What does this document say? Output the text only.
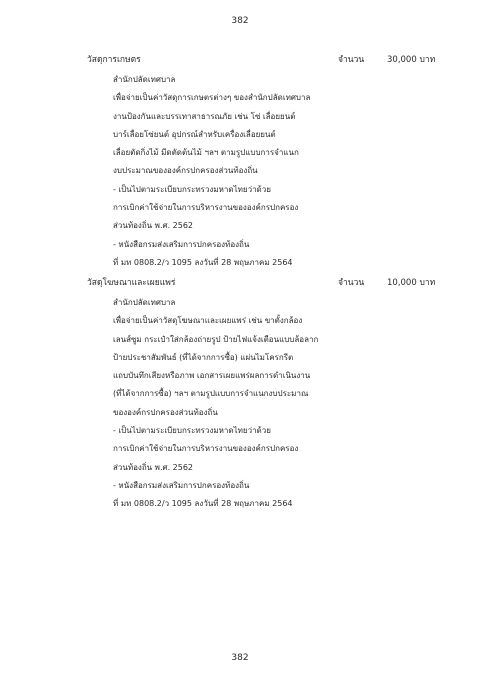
382
วัสดุการเกษตร	จำนวน	30,000 บาท
สำนักปลัดเทศบาล
เพื่อจ่ายเป็นค่าวัสดุการเกษตรต่างๆ ของสำนักปลัดเทศบาล
งานป้องกันและบรรเทาสาธารณภัย เช่น โซ่ เลื่อยยนต์
บาร์เลื่อยโซ่ยนต์ อุปกรณ์สำหรับเครื่องเลื่อยยนต์
เลื่อยตัดกิ่งไม้ มีดตัดต้นไม้ ฯลฯ ตามรูปแบบการจำแนก
งบประมาณขององค์กรปกครองส่วนท้องถิ่น
- เป็นไปตามระเบียบกระทรวงมหาดไทยว่าด้วย
การเบิกค่าใช้จ่ายในการบริหารงานขององค์กรปกครอง
ส่วนท้องถิ่น พ.ศ. 2562
- หนังสือกรมส่งเสริมการปกครองท้องถิ่น
ที่ มท 0808.2/ว 1095 ลงวันที่ 28 พฤษภาคม 2564
วัสดุโฆษณาและเผยแพร่	จำนวน	10,000 บาท
สำนักปลัดเทศบาล
เพื่อจ่ายเป็นค่าวัสดุโฆษณาและเผยแพร่ เช่น ขาตั้งกล้อง
เลนส์ซูม กระเป๋าใส่กล้องถ่ายรูป ป้ายไฟแจ้งเตือนแบบล้อลาก
ป้ายประชาสัมพันธ์ (ที่ได้จากการซื้อ) แผ่นไมโครกรีต
แถบบันทึกเสียงหรือภาพ เอกสารเผยแพร่ผลการดำเนินงาน
(ที่ได้จากการซื้อ) ฯลฯ ตามรูปแบบการจำแนกงบประมาณ
ขององค์กรปกครองส่วนท้องถิ่น
- เป็นไปตามระเบียบกระทรวงมหาดไทยว่าด้วย
การเบิกค่าใช้จ่ายในการบริหารงานขององค์กรปกครอง
ส่วนท้องถิ่น พ.ศ. 2562
- หนังสือกรมส่งเสริมการปกครองท้องถิ่น
ที่ มท 0808.2/ว 1095 ลงวันที่ 28 พฤษภาคม 2564
382
